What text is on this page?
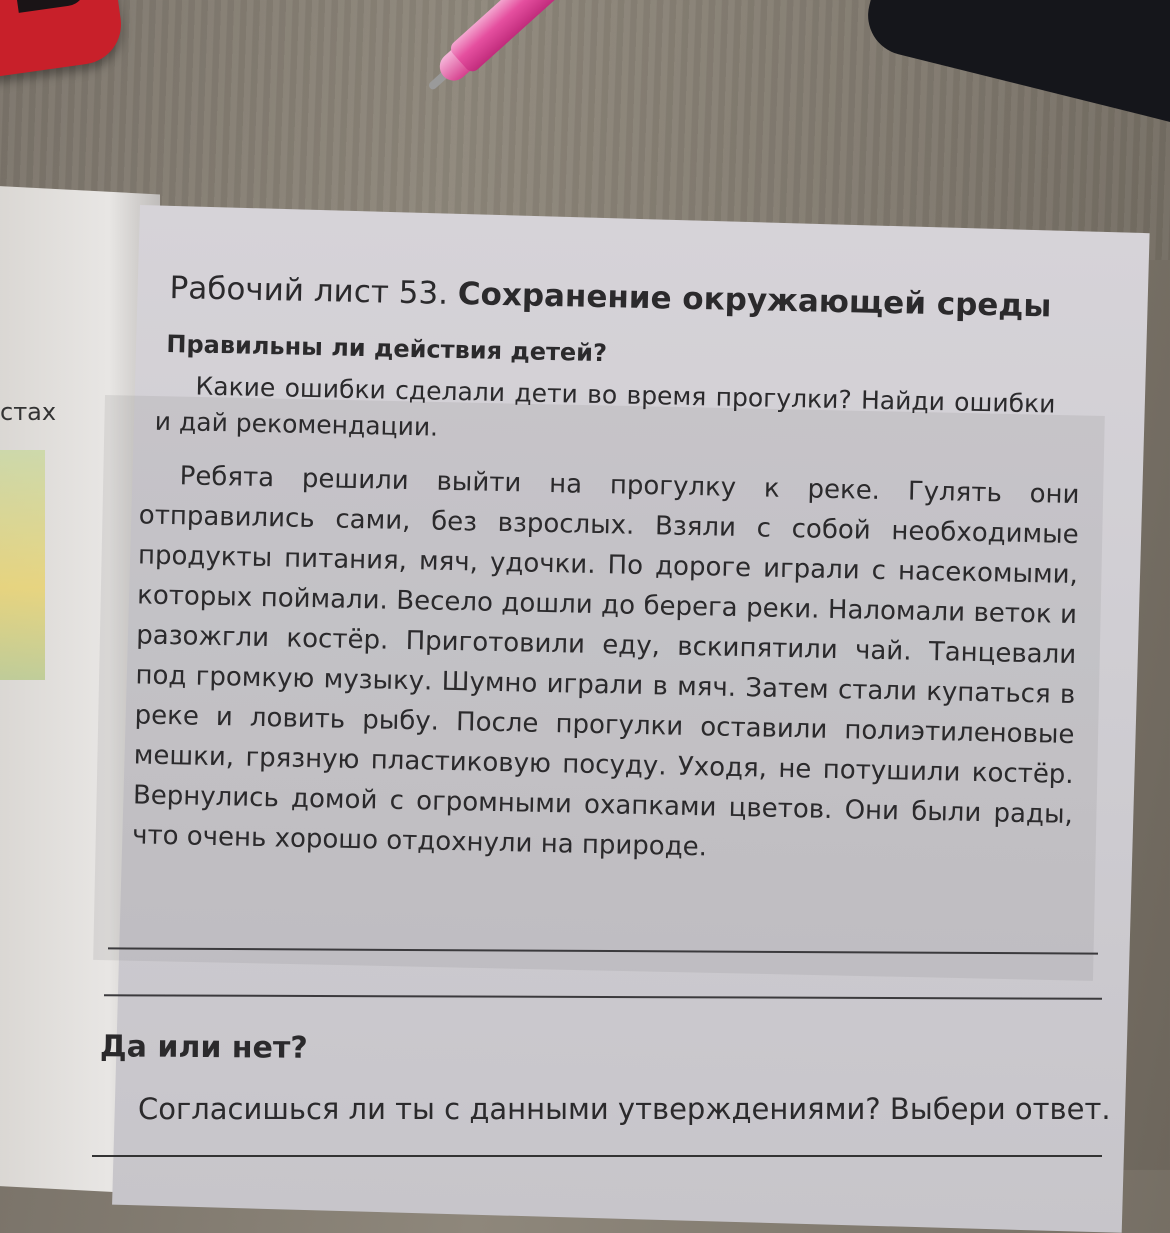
стах

Рабочий лист 53. Сохранение окружающей среды

Правильны ли действия детей?
Какие ошибки сделали дети во время прогулки? Найди ошибки и дай рекомендации.
Ребята решили выйти на прогулку к реке. Гулять они отправились сами, без взрослых. Взяли с собой необходимые продукты питания, мяч, удочки. По дороге играли с насекомыми, которых поймали. Весело дошли до берега реки. Наломали веток и разожгли костёр. Приготовили еду, вскипятили чай. Танцевали под громкую музыку. Шумно играли в мяч. Затем стали купаться в реке и ловить рыбу. После прогулки оставили полиэтиленовые мешки, грязную пластиковую посуду. Уходя, не потушили костёр. Вернулись домой с огромными охапками цветов. Они были рады, что очень хорошо отдохнули на природе.
Да или нет?
Согласишься ли ты с данными утверждениями? Выбери ответ.
